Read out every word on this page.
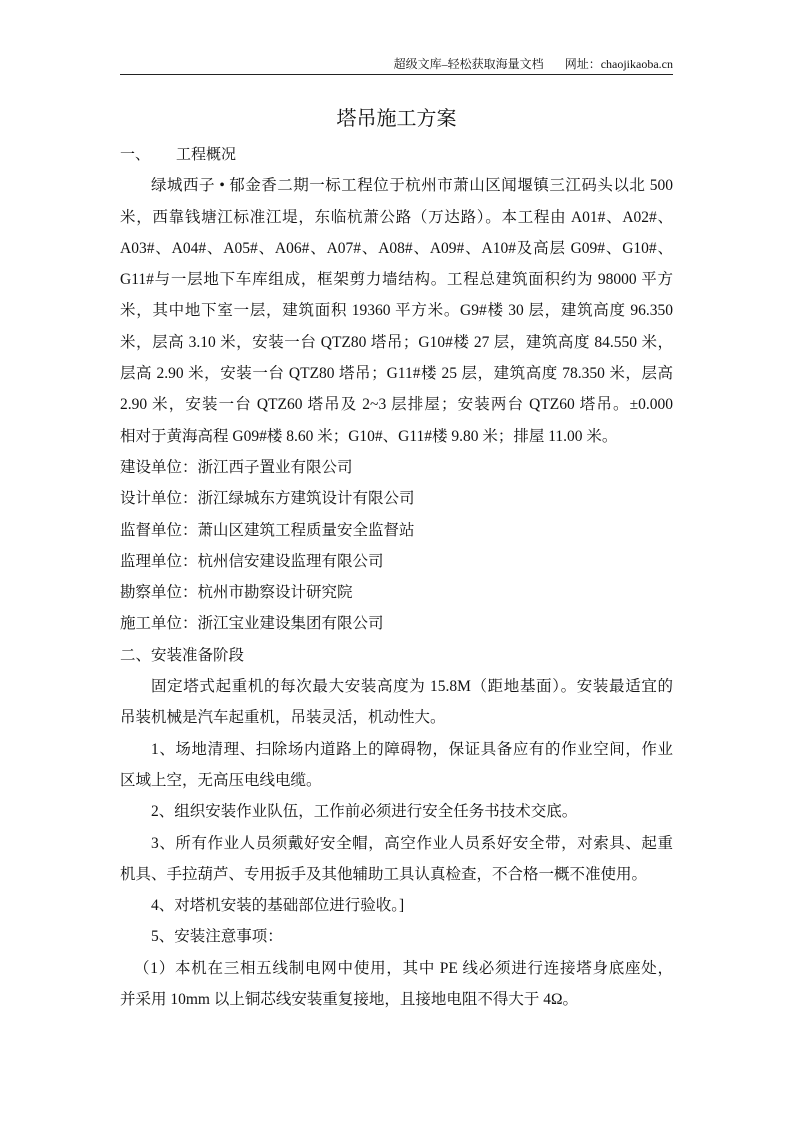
超级文库–轻松获取海量文档 网址：chaojikaoba.cn
塔吊施工方案
一、 工程概况
绿城西子 • 郁金香二期一标工程位于杭州市萧山区闻堰镇三江码头以北 500
米，西靠钱塘江标准江堤，东临杭萧公路（万达路）。本工程由 A01#、A02#、
A03#、A04#、A05#、A06#、A07#、A08#、A09#、A10#及高层 G09#、G10#、
G11#与一层地下车库组成，框架剪力墙结构。工程总建筑面积约为 98000 平方
米，其中地下室一层，建筑面积 19360 平方米。G9#楼 30 层，建筑高度 96.350
米，层高 3.10 米，安装一台 QTZ80 塔吊；G10#楼 27 层，建筑高度 84.550 米，
层高 2.90 米，安装一台 QTZ80 塔吊；G11#楼 25 层，建筑高度 78.350 米，层高
2.90 米，安装一台 QTZ60 塔吊及 2~3 层排屋；安装两台 QTZ60 塔吊。±0.000
相对于黄海高程 G09#楼 8.60 米；G10#、G11#楼 9.80 米；排屋 11.00 米。
建设单位：浙江西子置业有限公司
设计单位：浙江绿城东方建筑设计有限公司
监督单位：萧山区建筑工程质量安全监督站
监理单位：杭州信安建设监理有限公司
勘察单位：杭州市勘察设计研究院
施工单位：浙江宝业建设集团有限公司
二、安装准备阶段
固定塔式起重机的每次最大安装高度为 15.8M（距地基面）。安装最适宜的
吊装机械是汽车起重机，吊装灵活，机动性大。
1、场地清理、扫除场内道路上的障碍物，保证具备应有的作业空间，作业
区域上空，无高压电线电缆。
2、组织安装作业队伍，工作前必须进行安全任务书技术交底。
3、所有作业人员须戴好安全帽，高空作业人员系好安全带，对索具、起重
机具、手拉葫芦、专用扳手及其他辅助工具认真检查，不合格一概不准使用。
4、对塔机安装的基础部位进行验收。]
5、安装注意事项：
（1）本机在三相五线制电网中使用，其中 PE 线必须进行连接塔身底座处，
并采用 10mm 以上铜芯线安装重复接地，且接地电阻不得大于 4Ω。
